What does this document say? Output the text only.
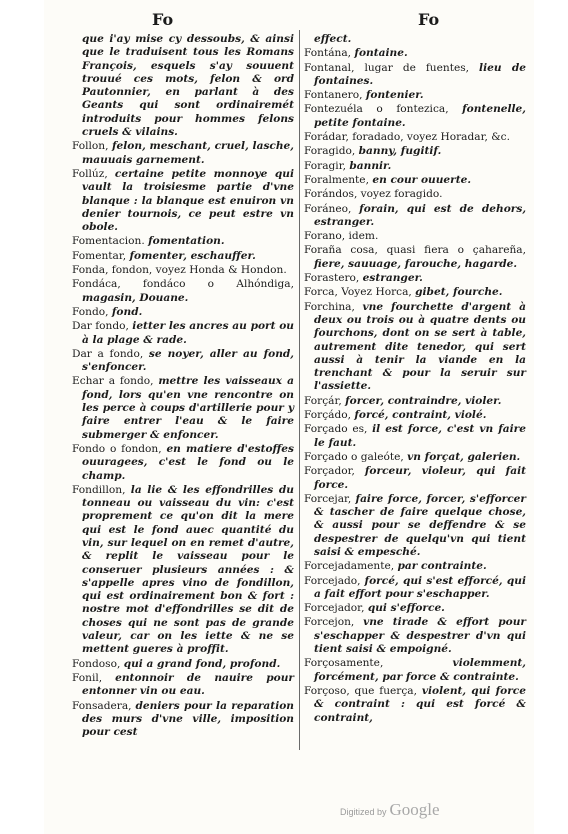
Fo	Fo
que i'ay mise cy dessoubs, & ainsi que le traduisent tous les Romans François, esquels s'ay souuent trouué ces mots, felon & ord Pautonnier, en parlant à des Geants qui sont ordinairemét introduits pour hommes felons cruels & vilains.
Follon, felon, meschant, cruel, lasche, mauuais garnement.
Follúz, certaine petite monnoye qui vault la troisiesme partie d'vne blanque : la blanque est enuiron vn denier tournois, ce peut estre vn obole.
Fomentacion. fomentation.
Fomentar, fomenter, eschauffer.
Fonda, fondon, voyez Honda & Hondon.
Fondáca, fondáco o Alhóndiga, magasin, Douane.
Fondo, fond.
Dar fondo, ietter les ancres au port ou à la plage & rade.
Dar a fondo, se noyer, aller au fond, s'enfoncer.
Echar a fondo, mettre les vaisseaux a fond, lors qu'en vne rencontre on les perce à coups d'artillerie pour y faire entrer l'eau & le faire submerger & enfoncer.
Fondo o fondon, en matiere d'estoffes ouuragees, c'est le fond ou le champ.
Fondillon, la lie & les effondrilles du tonneau ou vaisseau du vin: c'est proprement ce qu'on dit la mere qui est le fond auec quantité du vin, sur lequel on en remet d'autre, & replit le vaisseau pour le conseruer plusieurs années : & s'appelle apres vino de fondillon, qui est ordinairement bon & fort : nostre mot d'effondrilles se dit de choses qui ne sont pas de grande valeur, car on les iette & ne se mettent gueres à proffit.
Fondoso, qui a grand fond, profond.
Fonil, entonnoir de nauire pour entonner vin ou eau.
Fonsadera, deniers pour la reparation des murs d'vne ville, imposition pour cest
effect.
Fontána, fontaine.
Fontanal, lugar de fuentes, lieu de fontaines.
Fontanero, fontenier.
Fontezuéla o fontezica, fontenelle, petite fontaine.
Forádar, foradado, voyez Horadar, &c.
Foragido, banny, fugitif.
Foragir, bannir.
Foralmente, en cour ouuerte.
Forándos, voyez foragido.
Foráneo, forain, qui est de dehors, estranger.
Forano, idem.
Foraña cosa, quasi fiera o çahareña, fiere, sauuage, farouche, hagarde.
Forastero, estranger.
Forca, Voyez Horca, gibet, fourche.
Forchina, vne fourchette d'argent à deux ou trois ou à quatre dents ou fourchons, dont on se sert à table, autrement dite tenedor, qui sert aussi à tenir la viande en la trenchant & pour la seruir sur l'assiette.
Forçár, forcer, contraindre, violer.
Forçádo, forcé, contraint, violé.
Forçado es, il est force, c'est vn faire le faut.
Forçado o galeóte, vn forçat, galerien.
Forçador, forceur, violeur, qui fait force.
Forcejar, faire force, forcer, s'efforcer & tascher de faire quelque chose, & aussi pour se deffendre & se despestrer de quelqu'vn qui tient saisi & empesché.
Forcejadamente, par contrainte.
Forcejado, forcé, qui s'est efforcé, qui a fait effort pour s'eschapper.
Forcejador, qui s'efforce.
Forcejon, vne tirade & effort pour s'eschapper & despestrer d'vn qui tient saisi & empoigné.
Forçosamente, violemment, forcément, par force & contrainte.
Forçoso, que fuerça, violent, qui force & contraint : qui est forcé & contraint,
Digitized by Google
